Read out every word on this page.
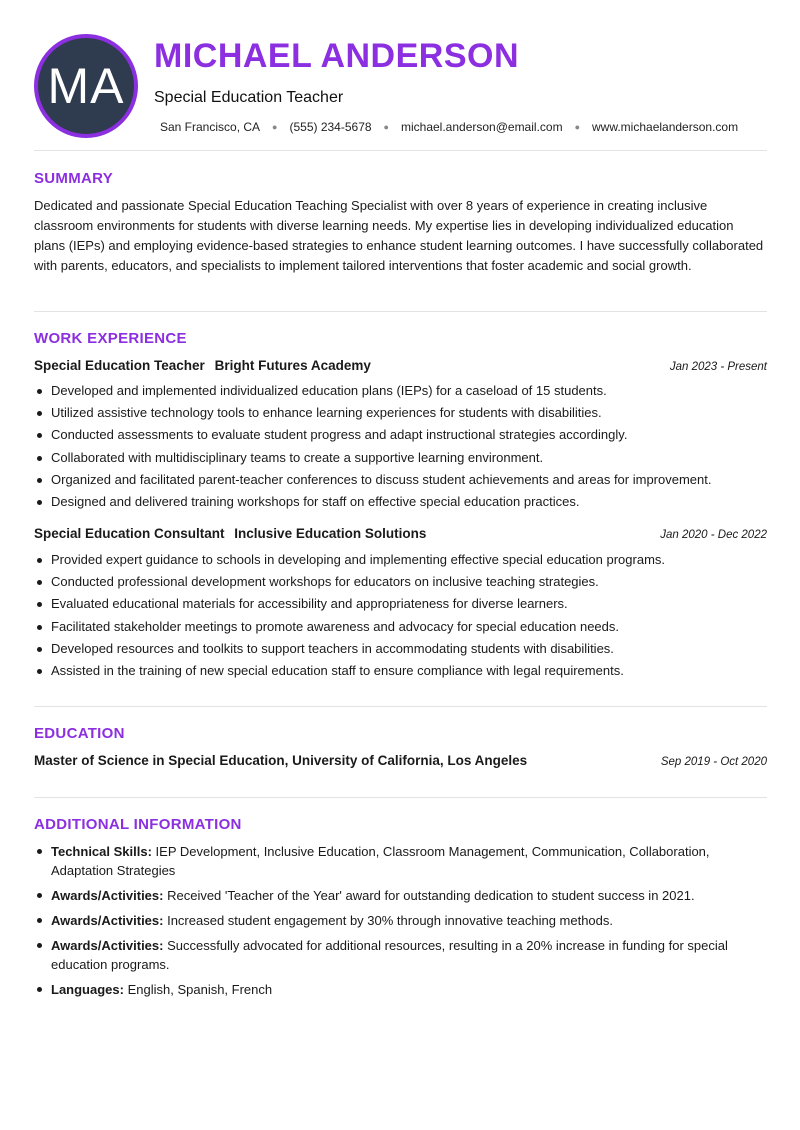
MA
MICHAEL ANDERSON
Special Education Teacher
San Francisco, CA ● (555) 234-5678 ● michael.anderson@email.com ● www.michaelanderson.com
SUMMARY

Dedicated and passionate Special Education Teaching Specialist with over 8 years of experience in creating inclusive classroom environments for students with diverse learning needs. My expertise lies in developing individualized education plans (IEPs) and employing evidence-based strategies to enhance student learning outcomes. I have successfully collaborated with parents, educators, and specialists to implement tailored interventions that foster academic and social growth.

WORK EXPERIENCE
Special Education Teacher Bright Futures Academy	Jan 2023 - Present
Developed and implemented individualized education plans (IEPs) for a caseload of 15 students.
Utilized assistive technology tools to enhance learning experiences for students with disabilities.
Conducted assessments to evaluate student progress and adapt instructional strategies accordingly.
Collaborated with multidisciplinary teams to create a supportive learning environment.
Organized and facilitated parent-teacher conferences to discuss student achievements and areas for improvement.
Designed and delivered training workshops for staff on effective special education practices.
Special Education Consultant Inclusive Education Solutions	Jan 2020 - Dec 2022
Provided expert guidance to schools in developing and implementing effective special education programs.
Conducted professional development workshops for educators on inclusive teaching strategies.
Evaluated educational materials for accessibility and appropriateness for diverse learners.
Facilitated stakeholder meetings to promote awareness and advocacy for special education needs.
Developed resources and toolkits to support teachers in accommodating students with disabilities.
Assisted in the training of new special education staff to ensure compliance with legal requirements.
EDUCATION
Master of Science in Special Education, University of California, Los Angeles	Sep 2019 - Oct 2020
ADDITIONAL INFORMATION
Technical Skills: IEP Development, Inclusive Education, Classroom Management, Communication, Collaboration, Adaptation Strategies
Awards/Activities: Received 'Teacher of the Year' award for outstanding dedication to student success in 2021.
Awards/Activities: Increased student engagement by 30% through innovative teaching methods.
Awards/Activities: Successfully advocated for additional resources, resulting in a 20% increase in funding for special education programs.
Languages: English, Spanish, French
